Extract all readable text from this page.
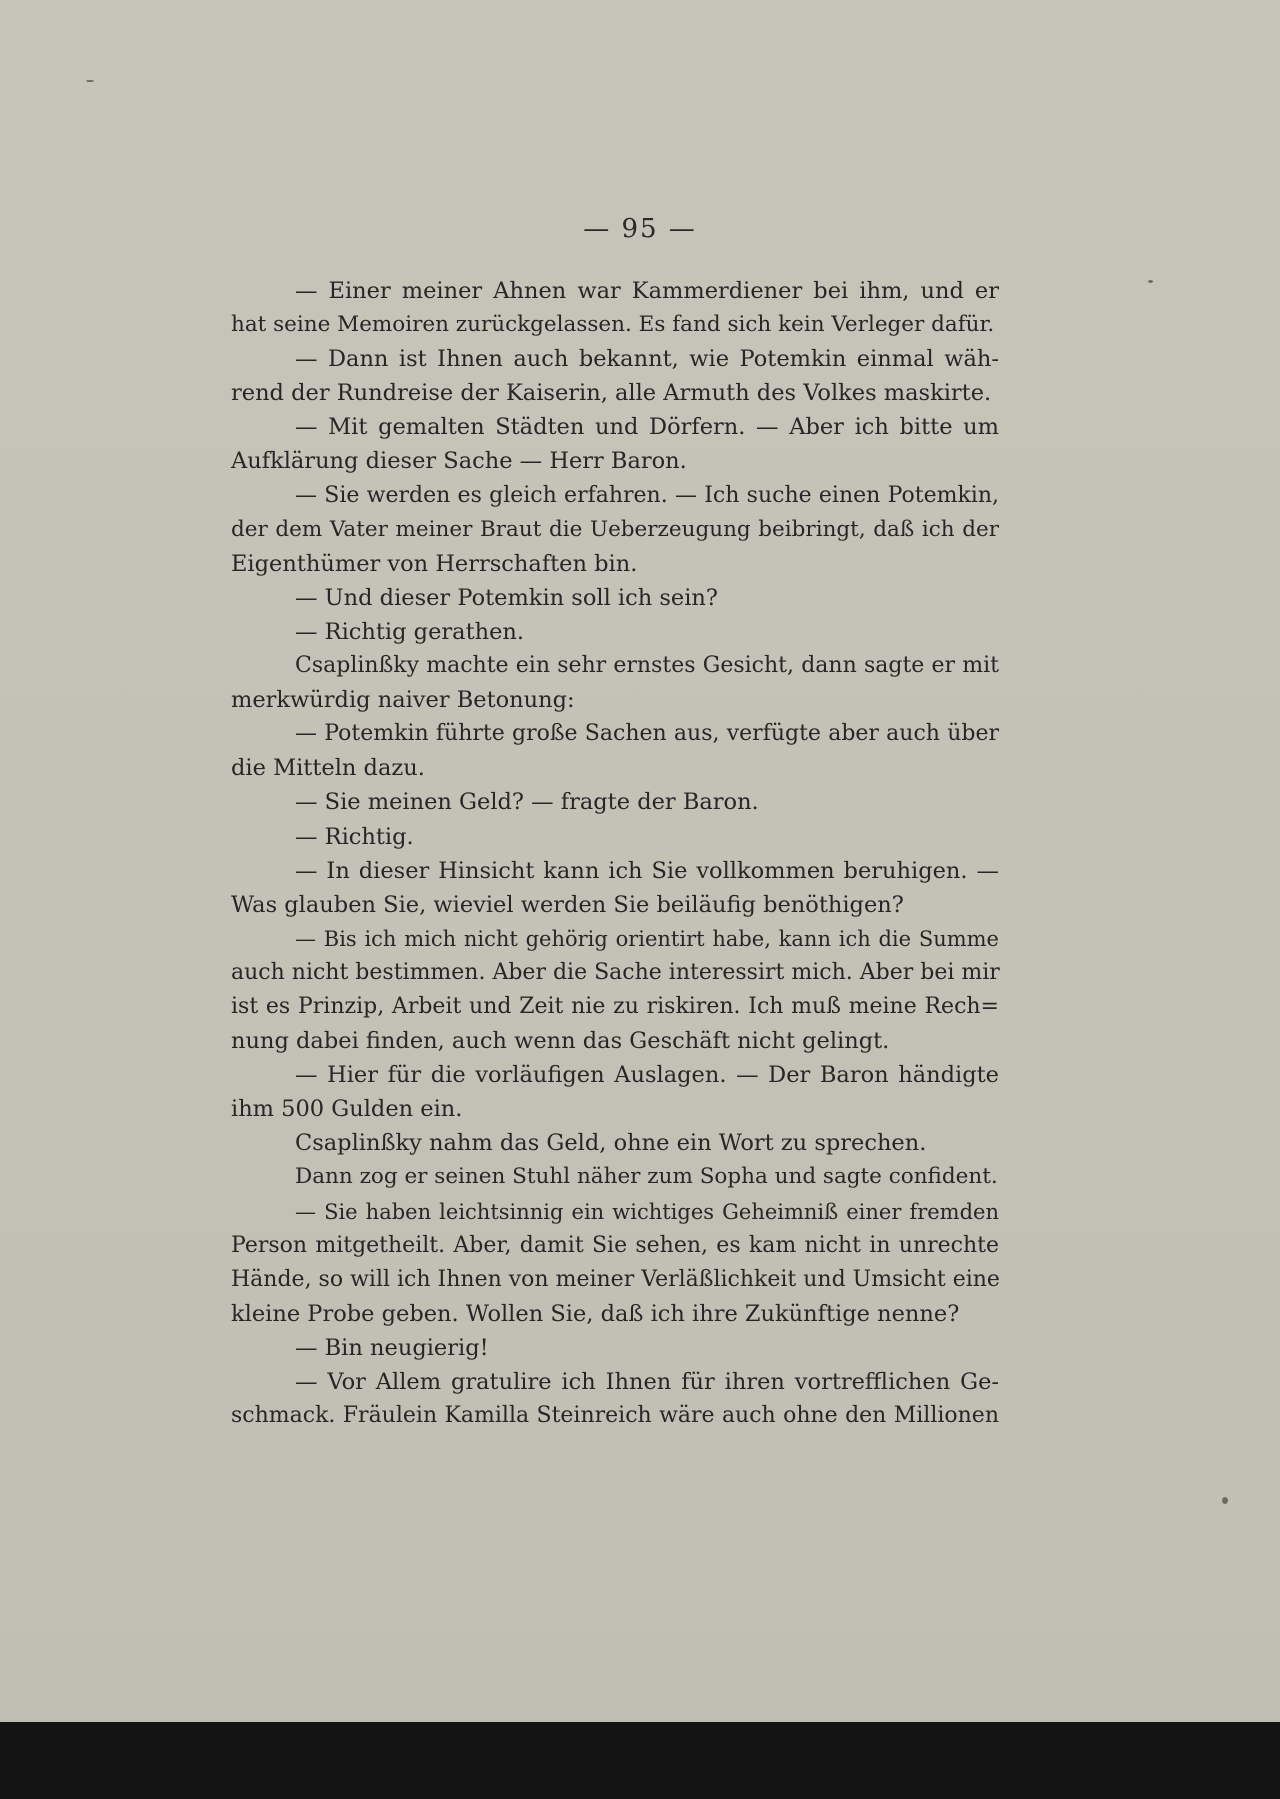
— 95 —
— Einer meiner Ahnen war Kammerdiener bei ihm, und er
hat seine Memoiren zurückgelassen. Es fand sich kein Verleger dafür.
— Dann ist Ihnen auch bekannt, wie Potemkin einmal wäh-
rend der Rundreise der Kaiserin, alle Armuth des Volkes maskirte.
— Mit gemalten Städten und Dörfern. — Aber ich bitte um
Aufklärung dieser Sache — Herr Baron.
— Sie werden es gleich erfahren. — Ich suche einen Potemkin,
der dem Vater meiner Braut die Ueberzeugung beibringt, daß ich der
Eigenthümer von Herrschaften bin.
— Und dieser Potemkin soll ich sein?
— Richtig gerathen.
Csaplinßky machte ein sehr ernstes Gesicht, dann sagte er mit
merkwürdig naiver Betonung:
— Potemkin führte große Sachen aus, verfügte aber auch über
die Mitteln dazu.
— Sie meinen Geld? — fragte der Baron.
— Richtig.
— In dieser Hinsicht kann ich Sie vollkommen beruhigen. —
Was glauben Sie, wieviel werden Sie beiläufig benöthigen?
— Bis ich mich nicht gehörig orientirt habe, kann ich die Summe
auch nicht bestimmen. Aber die Sache interessirt mich. Aber bei mir
ist es Prinzip, Arbeit und Zeit nie zu riskiren. Ich muß meine Rech=
nung dabei finden, auch wenn das Geschäft nicht gelingt.
— Hier für die vorläufigen Auslagen. — Der Baron händigte
ihm 500 Gulden ein.
Csaplinßky nahm das Geld, ohne ein Wort zu sprechen.
Dann zog er seinen Stuhl näher zum Sopha und sagte confident.
— Sie haben leichtsinnig ein wichtiges Geheimniß einer fremden
Person mitgetheilt. Aber, damit Sie sehen, es kam nicht in unrechte
Hände, so will ich Ihnen von meiner Verläßlichkeit und Umsicht eine
kleine Probe geben. Wollen Sie, daß ich ihre Zukünftige nenne?
— Bin neugierig!
— Vor Allem gratulire ich Ihnen für ihren vortrefflichen Ge-
schmack. Fräulein Kamilla Steinreich wäre auch ohne den Millionen
